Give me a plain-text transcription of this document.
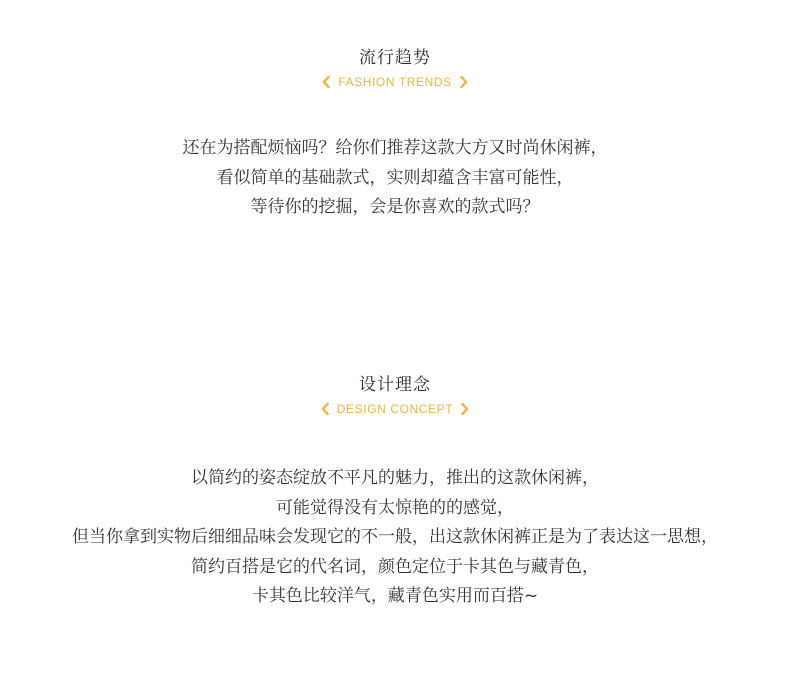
流行趋势
FASHION TRENDS
还在为搭配烦恼吗？给你们推荐这款大方又时尚休闲裤，
看似简单的基础款式，实则却蕴含丰富可能性，
等待你的挖掘，会是你喜欢的款式吗？
设计理念
DESIGN CONCEPT
以简约的姿态绽放不平凡的魅力，推出的这款休闲裤，
可能觉得没有太惊艳的的感觉，
但当你拿到实物后细细品味会发现它的不一般，出这款休闲裤正是为了表达这一思想，
简约百搭是它的代名词，颜色定位于卡其色与藏青色，
卡其色比较洋气，藏青色实用而百搭~
